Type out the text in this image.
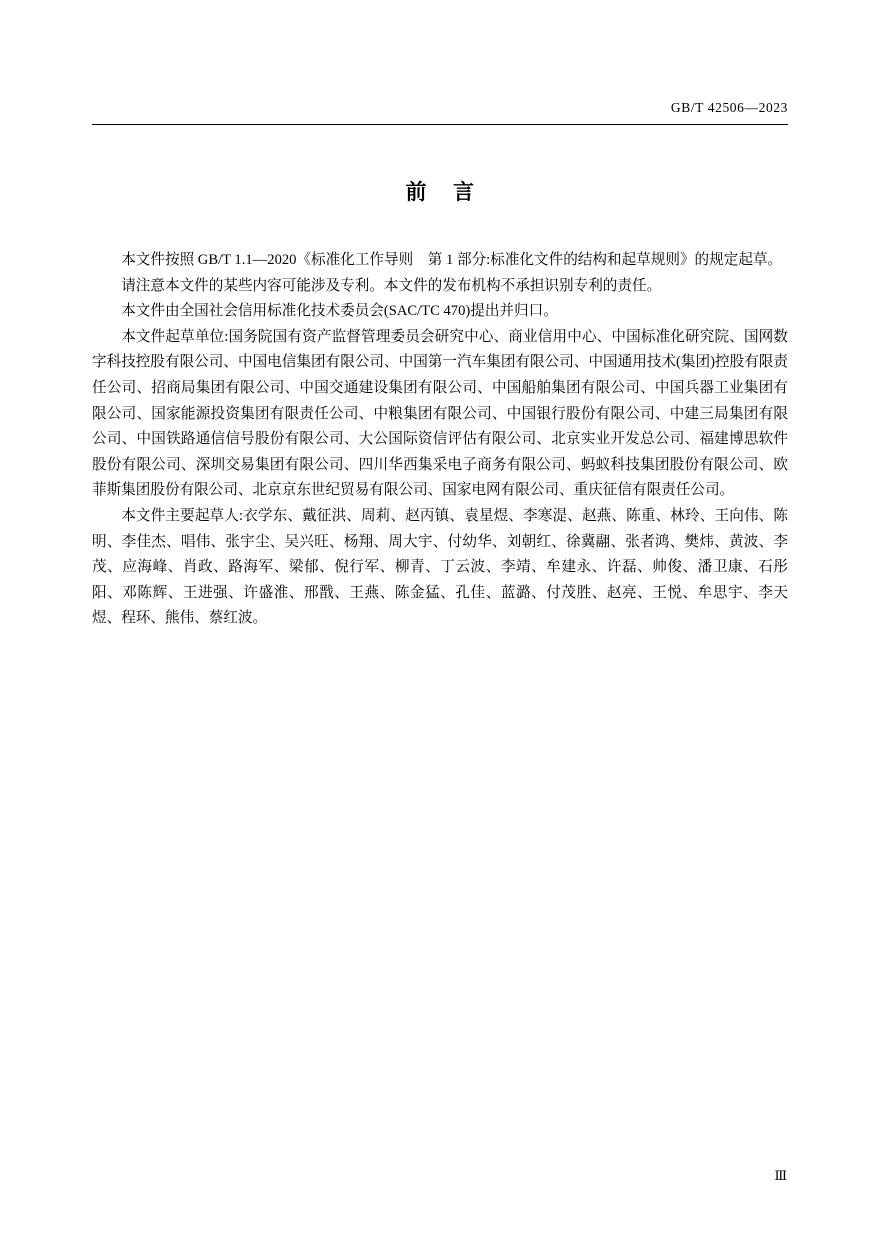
GB/T 42506—2023
前 言

本文件按照 GB/T 1.1—2020《标准化工作导则　第 1 部分:标准化文件的结构和起草规则》的规定起草。

请注意本文件的某些内容可能涉及专利。本文件的发布机构不承担识别专利的责任。

本文件由全国社会信用标准化技术委员会(SAC/TC 470)提出并归口。

本文件起草单位:国务院国有资产监督管理委员会研究中心、商业信用中心、中国标准化研究院、国网数字科技控股有限公司、中国电信集团有限公司、中国第一汽车集团有限公司、中国通用技术(集团)控股有限责任公司、招商局集团有限公司、中国交通建设集团有限公司、中国船舶集团有限公司、中国兵器工业集团有限公司、国家能源投资集团有限责任公司、中粮集团有限公司、中国银行股份有限公司、中建三局集团有限公司、中国铁路通信信号股份有限公司、大公国际资信评估有限公司、北京实业开发总公司、福建博思软件股份有限公司、深圳交易集团有限公司、四川华西集采电子商务有限公司、蚂蚁科技集团股份有限公司、欧菲斯集团股份有限公司、北京京东世纪贸易有限公司、国家电网有限公司、重庆征信有限责任公司。

本文件主要起草人:衣学东、戴征洪、周莉、赵丙镇、袁星煜、李寒湜、赵燕、陈重、林玲、王向伟、陈明、李佳杰、唱伟、张宇尘、吴兴旺、杨翔、周大宇、付幼华、刘朝红、徐冀翮、张者鸿、樊炜、黄波、李茂、应海峰、肖政、路海军、梁郁、倪行军、柳青、丁云波、李靖、牟建永、许磊、帅俊、潘卫康、石彤阳、邓陈辉、王进强、许盛淮、邢戬、王燕、陈金猛、孔佳、蓝潞、付茂胜、赵亮、王悦、牟思宇、李天煜、程环、熊伟、蔡红波。

Ⅲ
